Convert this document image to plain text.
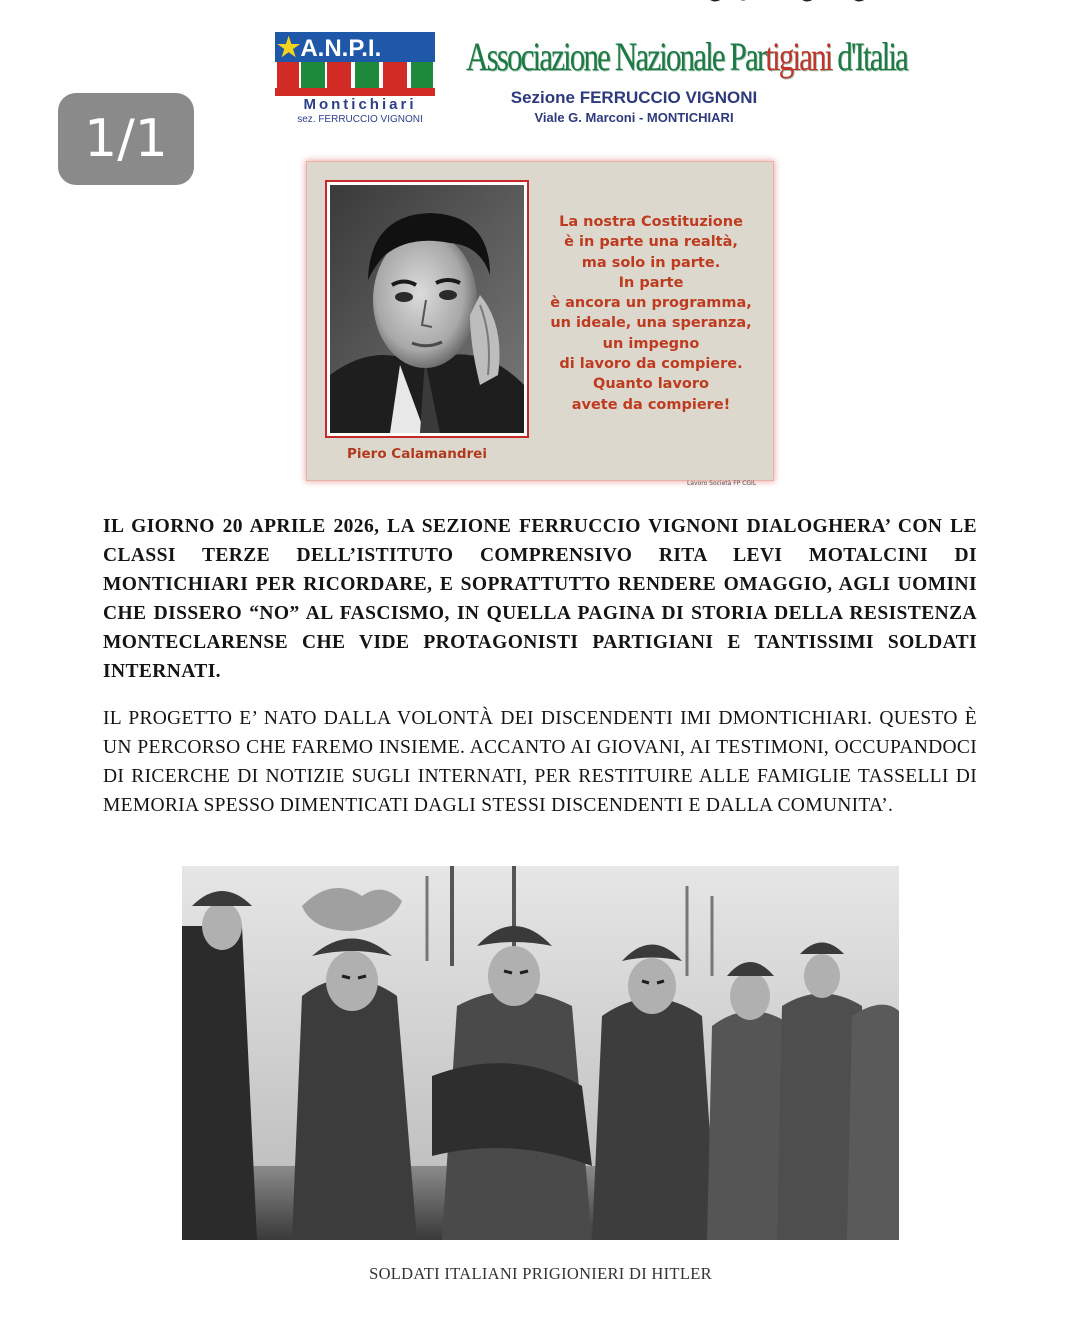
1/1
★A.N.P.I.
Montichiari
sez. FERRUCCIO VIGNONI
Associazione Nazionale Partigiani d'Italia
Sezione FERRUCCIO VIGNONI
Viale G. Marconi - MONTICHIARI
La nostra Costituzione
è in parte una realtà,
ma solo in parte.
In parte
è ancora un programma,
un ideale, una speranza,
un impegno
di lavoro da compiere.
Quanto lavoro
avete da compiere!
Piero Calamandrei
Lavoro Società FP CGIL

IL GIORNO 20 APRILE 2026, LA SEZIONE FERRUCCIO VIGNONI DIALOGHERA’ CON LE CLASSI TERZE DELL’ISTITUTO COMPRENSIVO RITA LEVI MOTALCINI DI MONTICHIARI PER RICORDARE, E SOPRATTUTTO RENDERE OMAGGIO, AGLI UOMINI CHE DISSERO “NO” AL FASCISMO, IN QUELLA PAGINA DI STORIA DELLA RESISTENZA MONTECLARENSE CHE VIDE PROTAGONISTI PARTIGIANI E TANTISSIMI SOLDATI INTERNATI.

IL PROGETTO E’ NATO DALLA VOLONTÀ DEI DISCENDENTI IMI DMONTICHIARI. QUESTO È UN PERCORSO CHE FAREMO INSIEME. ACCANTO AI GIOVANI, AI TESTIMONI, OCCUPANDOCI DI RICERCHE DI NOTIZIE SUGLI INTERNATI, PER RESTITUIRE ALLE FAMIGLIE TASSELLI DI MEMORIA SPESSO DIMENTICATI DAGLI STESSI DISCENDENTI E DALLA COMUNITA’.

SOLDATI ITALIANI PRIGIONIERI DI HITLER
